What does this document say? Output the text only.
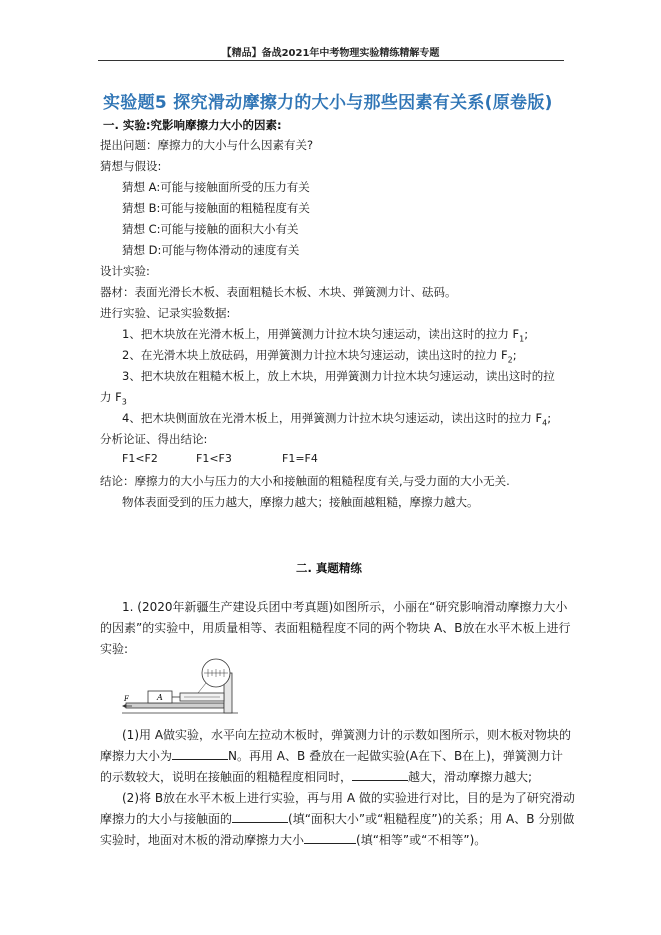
【精品】备战2021年中考物理实验精练精解专题
实验题5 探究滑动摩擦力的大小与那些因素有关系(原卷版)
一. 实验:究影响摩擦力大小的因素:
提出问题：摩擦力的大小与什么因素有关?
猜想与假设:
猜想 A:可能与接触面所受的压力有关
猜想 B:可能与接触面的粗糙程度有关
猜想 C:可能与接触的面积大小有关
猜想 D:可能与物体滑动的速度有关
设计实验:
器材：表面光滑长木板、表面粗糙长木板、木块、弹簧测力计、砝码。
进行实验、记录实验数据:
1、把木块放在光滑木板上，用弹簧测力计拉木块匀速运动，读出这时的拉力 $F_1$;
2、在光滑木块上放砝码，用弹簧测力计拉木块匀速运动，读出这时的拉力 $F_2$;
3、把木块放在粗糙木板上，放上木块，用弹簧测力计拉木块匀速运动，读出这时的拉
力 $F_3$
4、把木块侧面放在光滑木板上，用弹簧测力计拉木块匀速运动，读出这时的拉力 $F_4$;
分析论证、得出结论:
F1<F2	F1<F3	F1=F4
结论：摩擦力的大小与压力的大小和接触面的粗糙程度有关,与受力面的大小无关.
物体表面受到的压力越大，摩擦力越大；接触面越粗糙，摩擦力越大。
二. 真题精练
1. (2020年新疆生产建设兵团中考真题)如图所示，小丽在“研究影响滑动摩擦力大小
的因素”的实验中，用质量相等、表面粗糙程度不同的两个物块 A、B放在水平木板上进行
实验:
F	A
(1)用 A做实验，水平向左拉动木板时，弹簧测力计的示数如图所示，则木板对物块的
摩擦力大小为	N。再用 A、B 叠放在一起做实验(A在下、B在上)，弹簧测力计
的示数较大，说明在接触面的粗糙程度相同时，	越大，滑动摩擦力越大;
(2)将 B放在水平木板上进行实验，再与用 A 做的实验进行对比，目的是为了研究滑动
摩擦力的大小与接触面的	(填“面积大小”或“粗糙程度”)的关系；用 A、B 分别做
实验时，地面对木板的滑动摩擦力大小	(填“相等”或“不相等”)。
